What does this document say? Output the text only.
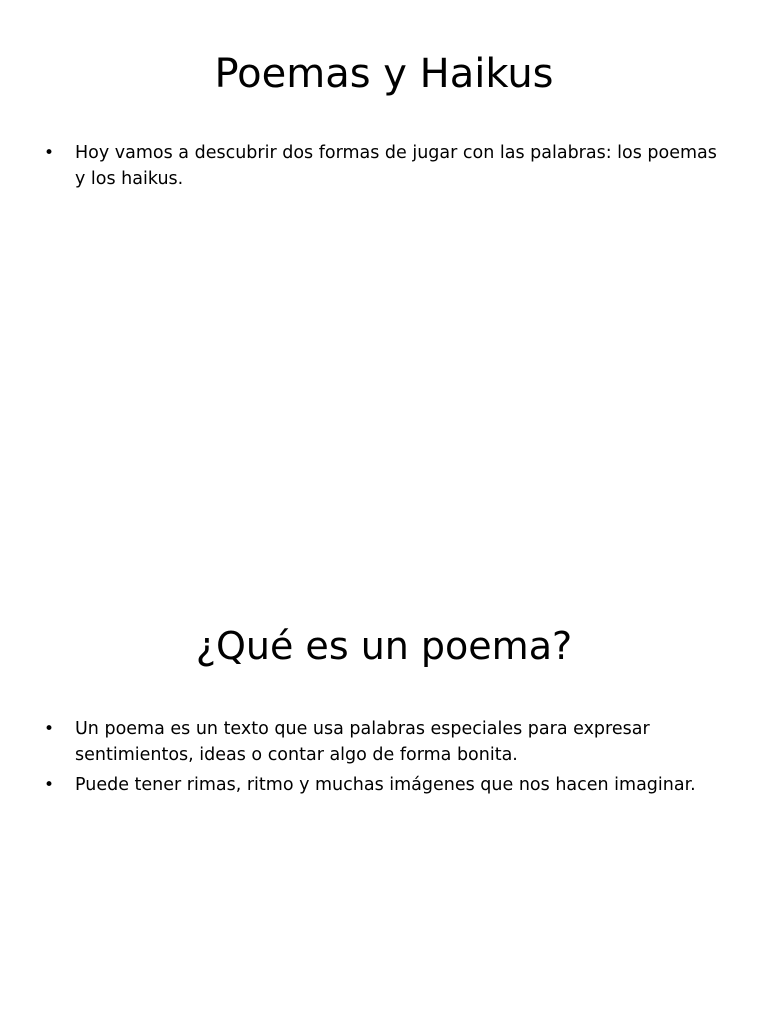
Poemas y Haikus
• Hoy vamos a descubrir dos formas de jugar con las palabras: los poemas y los haikus.
¿Qué es un poema?
• Un poema es un texto que usa palabras especiales para expresar sentimientos, ideas o contar algo de forma bonita.
• Puede tener rimas, ritmo y muchas imágenes que nos hacen imaginar.
